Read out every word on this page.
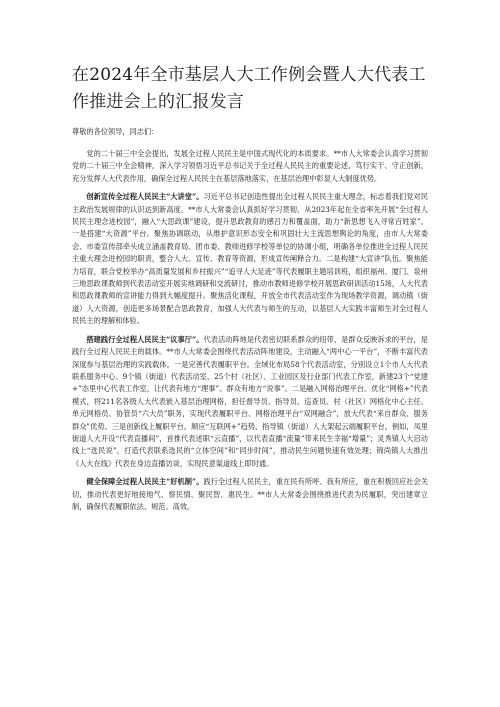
在2024年全市基层人大工作例会暨人大代表工作推进会上的汇报发言

尊敬的各位领导，同志们：

党的二十届三中全会提出，发展全过程人民民主是中国式现代化的本质要求。**市人大常委会认真学习贯彻党的二十届三中全会精神，深入学习领悟习近平总书记关于全过程人民民主的重要论述，笃行实干、守正创新，充分发挥人大代表作用，确保全过程人民民主在基层落地落实，在基层治理中彰显人大制度优势。

创新宣传全过程人民民主“大讲堂”。习近平总书记创造性提出全过程人民民主重大理念，标志着我们党对民主政治发展规律的认识达到新高度。**市人大常委会认真抓好学习贯彻，从2023年起在全省率先开展“全过程人民民主理念进校园”，融入“大思政课”建设，提升思政教育的感召力和覆盖面，助力“新思想飞入寻常百姓家”。一是搭建“大资源”平台。聚焦协调联动，从维护意识形态安全和巩固壮大主流思想舆论的角度，由市人大常委会、市委宣传部牵头成立涵盖教育局、团市委、教师进修学校等单位的协调小组，明确各单位推进全过程人民民主重大理念进校园的职责，整合人大、宣传、教育等资源，形成宣传阐释合力。二是构建“大宣讲”队伍。聚焦能力培育，联合党校举办“高质量发展和乡村振兴”“追寻人大足迹”等代表履职主题培训班，组织福州、厦门、泉州三地思政课教师到代表活动室开展实地调研和交流研讨，推动市教师进修学校开展思政研训活动15场，人大代表和思政课教师的宣讲能力得到大幅度提升。聚焦活化课程，开放全市代表活动室作为现场教学资源，调动镇（街道）人大资源，创造更多场景配合思政教育，加强人大代表与师生的互动，以基层人大实践丰富师生对全过程人民民主的理解和体验。

搭建践行全过程人民民主“议事厅”。代表活动阵地是代表密切联系群众的纽带、是群众反映诉求的平台，是践行全过程人民民主的载体。**市人大常委会围绕代表活动阵地建设，主动融入“两中心一平台”，不断丰富代表深度参与基层治理的实践载体。一是完善代表履职平台。全域化布局58个代表活动室，分别设立1个市人大代表联系服务中心、9个镇（街道）代表活动室、25个村（社区）、工业园区及行业部门代表工作室，新建23个“党建+”态里中心代表工作室，让代表有地方“理事”、群众有地方“说事”。二是融入网格治理平台。优化“网格+”代表模式，将211名各级人大代表嵌入基层治理网格，担任督导员、指导员、巡查员、村（社区）网格化中心主任、单元网格员、协管员“六大员”职务，实现代表履职平台、网格治理平台“双网融合”，放大代表“来自群众、服务群众”优势。三是创新线上履职平台。顺应“互联网+”趋势，指导镇（街道）人大架起云端履职平台，例如，凤里街道人大开设“代表直播间”，首推代表述职“云直播”，以代表直播“流量”带来民生幸福“增量”；灵秀镇人大启动线上“选民说”，打造代表联系选民的“立体空间”和“同步时间”，推动民生问题快速有效处理；锦尚镇人大推出《人大在线》代表在身边直播访谈，实现民意渠道线上即时通。

健全保障全过程人民民主“好机制”。践行全过程人民民主，重在民有所呼、我有所应，重在积极回应社会关切，推动代表更好地接地气、察民情、聚民智、惠民生。**市人大常委会围绕推进代表为民履职，突出建章立制，确保代表履职依法、规范、高效。
